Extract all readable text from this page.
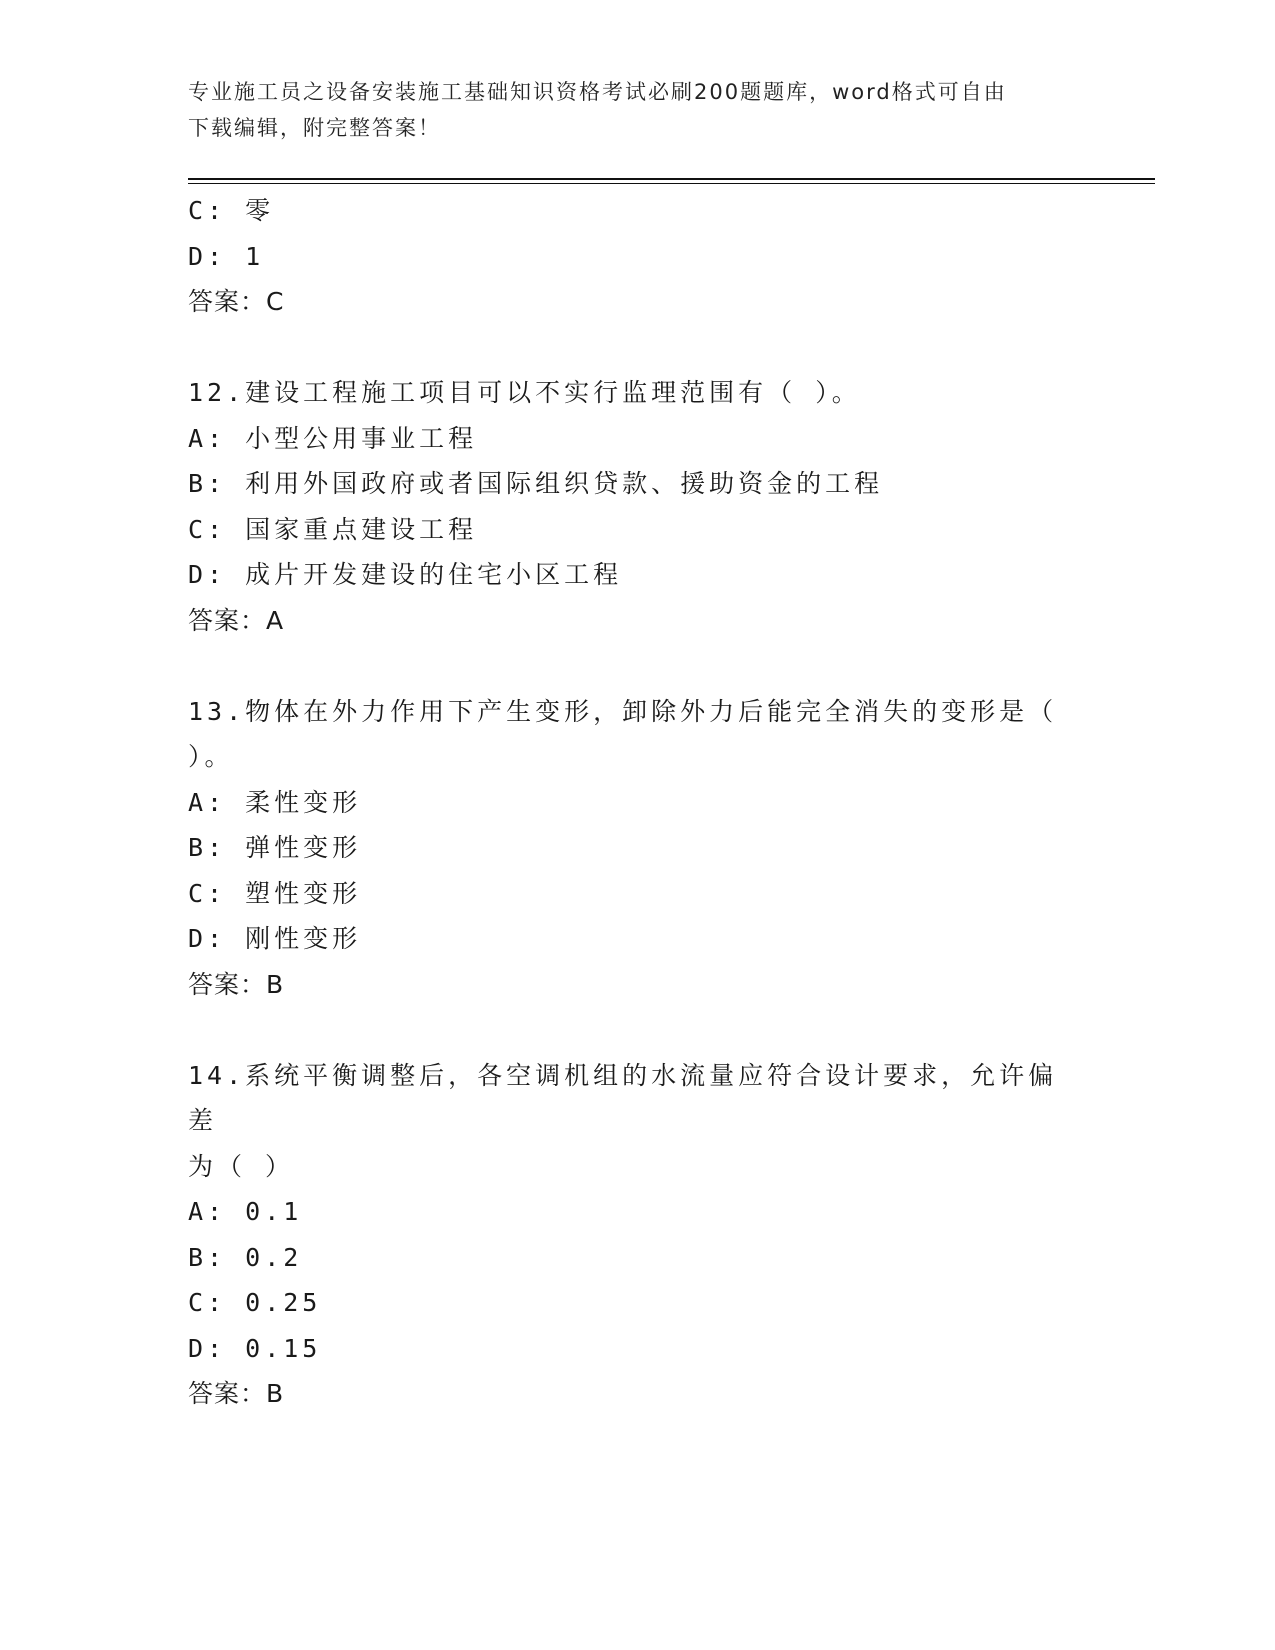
专业施工员之设备安装施工基础知识资格考试必刷200题题库，word格式可自由
下载编辑，附完整答案！
C: 零
D: 1
答案：C
12.建设工程施工项目可以不实行监理范围有（ ）。
A: 小型公用事业工程
B: 利用外国政府或者国际组织贷款、援助资金的工程
C: 国家重点建设工程
D: 成片开发建设的住宅小区工程
答案：A
13.物体在外力作用下产生变形，卸除外力后能完全消失的变形是（
）。
A: 柔性变形
B: 弹性变形
C: 塑性变形
D: 刚性变形
答案：B
14.系统平衡调整后，各空调机组的水流量应符合设计要求，允许偏差
为（ ）
A: 0.1
B: 0.2
C: 0.25
D: 0.15
答案：B
